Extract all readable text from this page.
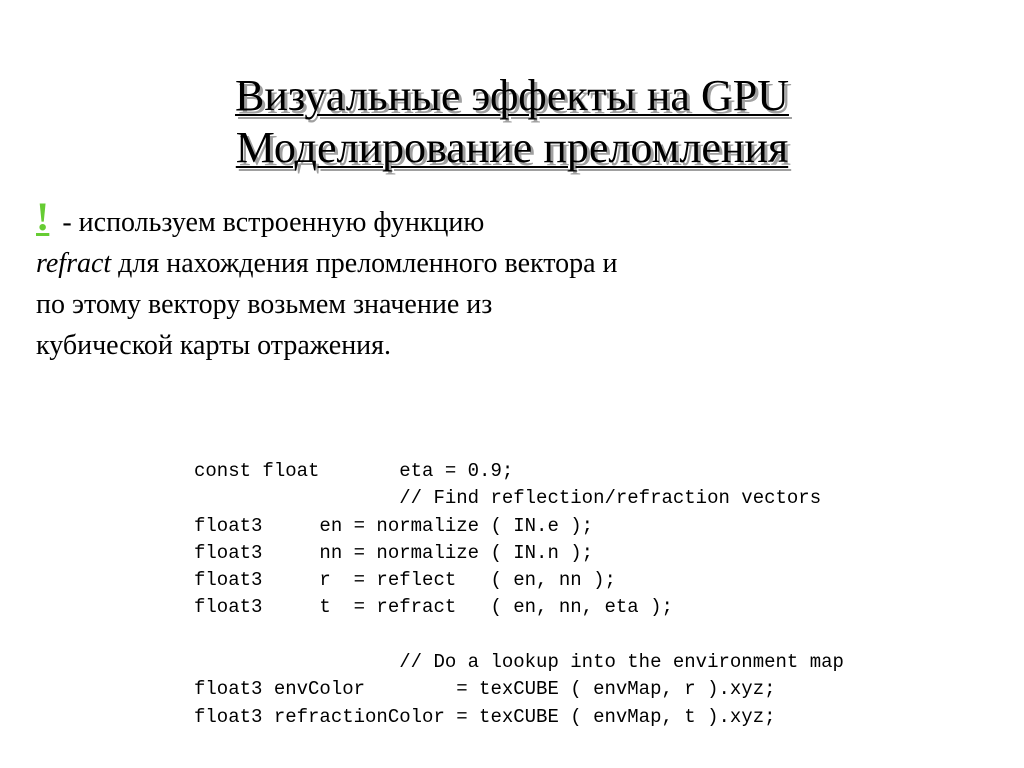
Визуальные эффекты на GPU
Моделирование преломления
! - используем встроенную функцию
refract для нахождения преломленного вектора и по этому вектору возьмем значение из кубической карты отражения.
const float       eta = 0.9;
// Find reflection/refraction vectors
float3     en = normalize ( IN.e );
float3     nn = normalize ( IN.n );
float3     r  = reflect   ( en, nn );
float3     t  = refract   ( en, nn, eta );
// Do a lookup into the environment map
float3 envColor        = texCUBE ( envMap, r ).xyz;
float3 refractionColor = texCUBE ( envMap, t ).xyz;
